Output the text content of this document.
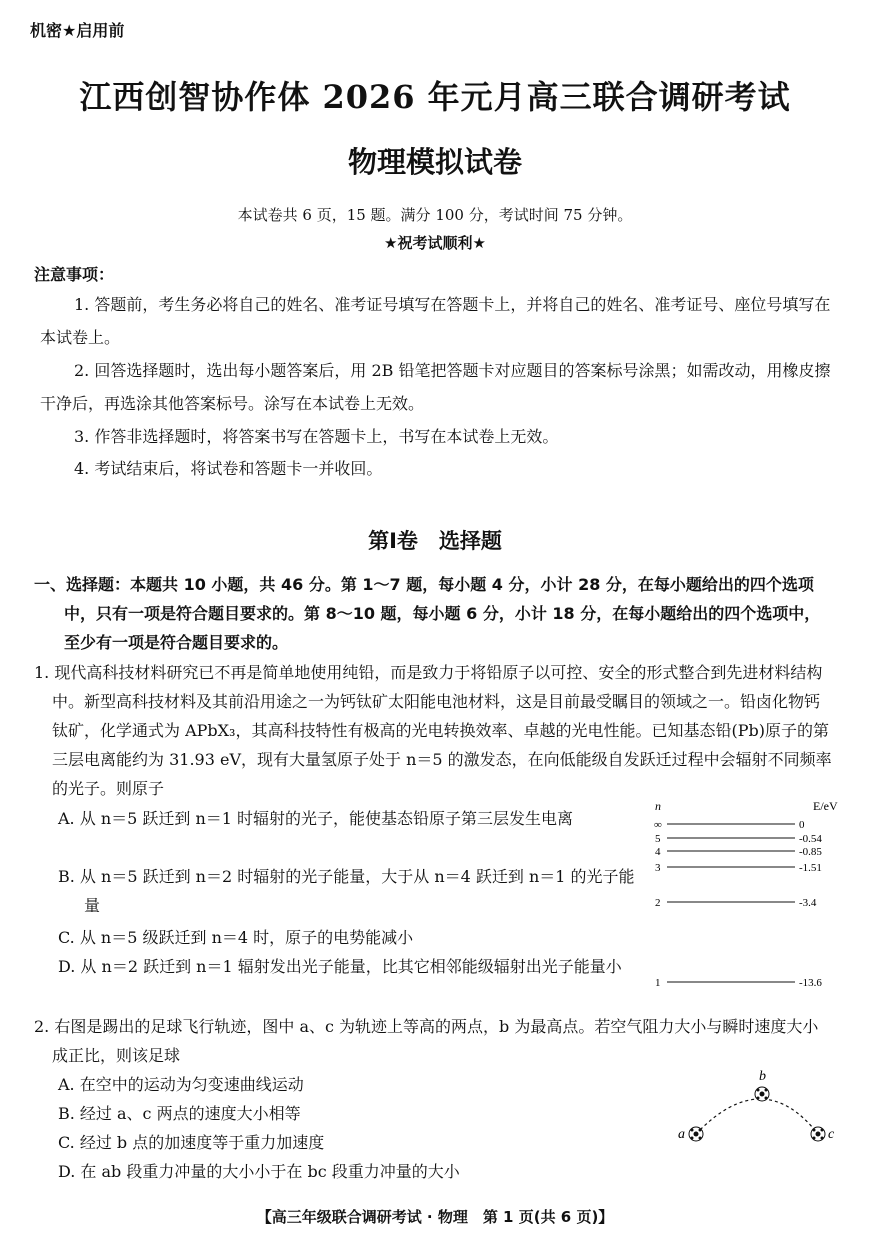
机密★启用前
江西创智协作体 2026 年元月高三联合调研考试
物理模拟试卷
本试卷共 6 页，15 题。满分 100 分，考试时间 75 分钟。
★祝考试顺利★
注意事项：
1. 答题前，考生务必将自己的姓名、准考证号填写在答题卡上，并将自己的姓名、准考证号、座位号填写在本试卷上。
2. 回答选择题时，选出每小题答案后，用 2B 铅笔把答题卡对应题目的答案标号涂黑；如需改动，用橡皮擦干净后，再选涂其他答案标号。涂写在本试卷上无效。
3. 作答非选择题时，将答案书写在答题卡上，书写在本试卷上无效。
4. 考试结束后，将试卷和答题卡一并收回。
第Ⅰ卷　选择题
一、选择题：本题共 10 小题，共 46 分。第 1～7 题，每小题 4 分，小计 28 分，在每小题给出的四个选项中，只有一项是符合题目要求的。第 8～10 题，每小题 6 分，小计 18 分，在每小题给出的四个选项中，至少有一项是符合题目要求的。
1. 现代高科技材料研究已不再是简单地使用纯铅，而是致力于将铅原子以可控、安全的形式整合到先进材料结构中。新型高科技材料及其前沿用途之一为钙钛矿太阳能电池材料，这是目前最受瞩目的领域之一。铅卤化物钙钛矿，化学通式为 APbX₃，其高科技特性有极高的光电转换效率、卓越的光电性能。已知基态铅(Pb)原子的第三层电离能约为 31.93 eV，现有大量氢原子处于 n＝5 的激发态，在向低能级自发跃迁过程中会辐射不同频率的光子。则原子
A. 从 n＝5 跃迁到 n＝1 时辐射的光子，能使基态铅原子第三层发生电离
B. 从 n＝5 跃迁到 n＝2 时辐射的光子能量，大于从 n＝4 跃迁到 n＝1 的光子能量
C. 从 n＝5 级跃迁到 n＝4 时，原子的电势能减小
D. 从 n＝2 跃迁到 n＝1 辐射发出光子能量，比其它相邻能级辐射出光子能量小
n	E/eV
∞	0
5	-0.54
4	-0.85
3	-1.51
2	-3.4
1	-13.6
2. 右图是踢出的足球飞行轨迹，图中 a、c 为轨迹上等高的两点，b 为最高点。若空气阻力大小与瞬时速度大小成正比，则该足球
A. 在空中的运动为匀变速曲线运动
B. 经过 a、c 两点的速度大小相等
C. 经过 b 点的加速度等于重力加速度
D. 在 ab 段重力冲量的大小小于在 bc 段重力冲量的大小
a
b
c
【高三年级联合调研考试 · 物理　第 1 页(共 6 页)】
